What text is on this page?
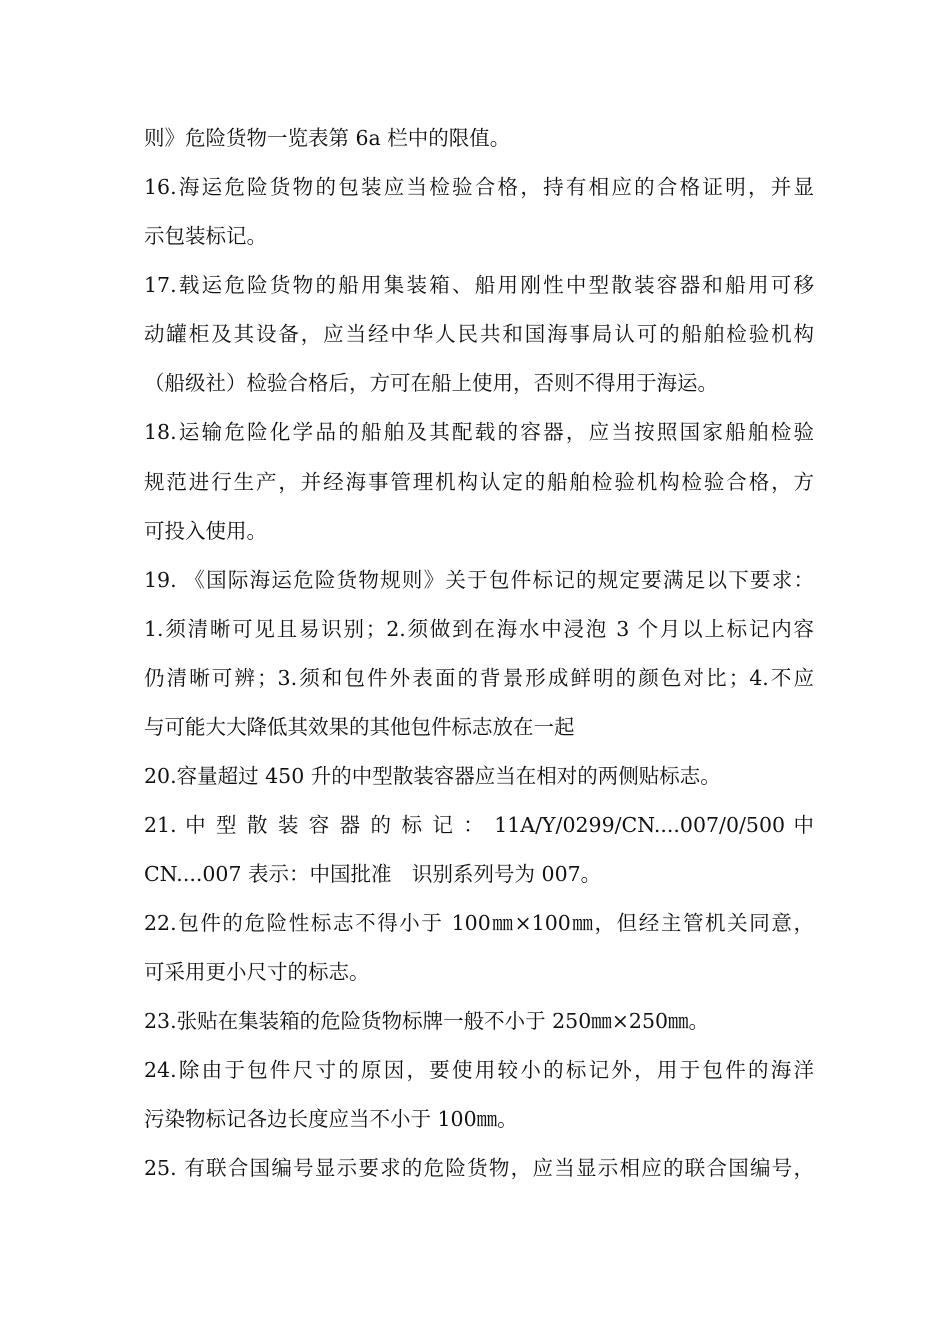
则》危险货物一览表第 6a 栏中的限值。
16.海运危险货物的包装应当检验合格，持有相应的合格证明，并显
示包装标记。
17.载运危险货物的船用集装箱、船用刚性中型散装容器和船用可移
动罐柜及其设备，应当经中华人民共和国海事局认可的船舶检验机构
（船级社）检验合格后，方可在船上使用，否则不得用于海运。
18.运输危险化学品的船舶及其配载的容器，应当按照国家船舶检验
规范进行生产，并经海事管理机构认定的船舶检验机构检验合格，方
可投入使用。
19. 《国际海运危险货物规则》关于包件标记的规定要满足以下要求：
1.须清晰可见且易识别；2.须做到在海水中浸泡 3 个月以上标记内容
仍清晰可辨；3.须和包件外表面的背景形成鲜明的颜色对比；4.不应
与可能大大降低其效果的其他包件标志放在一起
20.容量超过 450 升的中型散装容器应当在相对的两侧贴标志。
21. 中 型 散 装 容 器 的 标 记 ： 11A/Y/0299/CN....007/0/500 中
CN....007 表示：中国批准　识别系列号为 007。
22.包件的危险性标志不得小于 100㎜×100㎜，但经主管机关同意，
可采用更小尺寸的标志。
23.张贴在集装箱的危险货物标牌一般不小于 250㎜×250㎜。
24.除由于包件尺寸的原因，要使用较小的标记外，用于包件的海洋
污染物标记各边长度应当不小于 100㎜。
25. 有联合国编号显示要求的危险货物，应当显示相应的联合国编号，
